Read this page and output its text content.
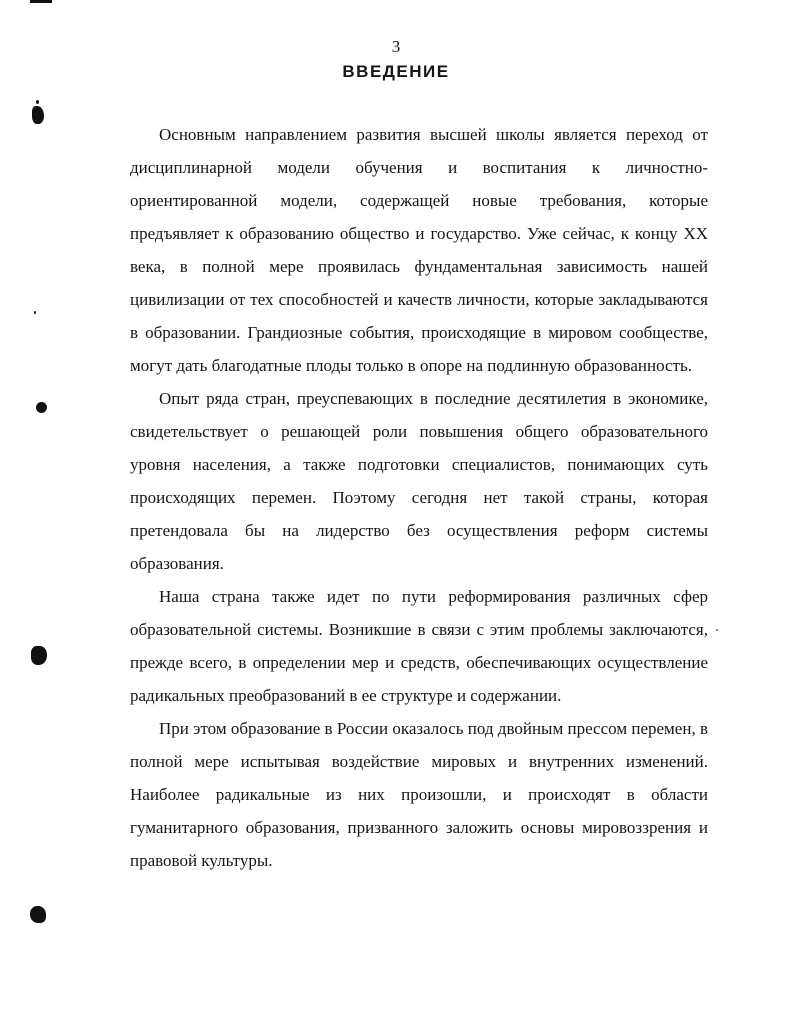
3
ВВЕДЕНИЕ

Основным направлением развития высшей школы является переход от дисциплинарной модели обучения и воспитания к личностно-ориентированной модели, содержащей новые требования, которые предъявляет к образованию общество и государство. Уже сейчас, к концу XX века, в полной мере проявилась фундаментальная зависимость нашей цивилизации от тех способностей и качеств личности, которые закладываются в образовании. Грандиозные события, происходящие в мировом сообществе, могут дать благодатные плоды только в опоре на подлинную образованность.

Опыт ряда стран, преуспевающих в последние десятилетия в экономике, свидетельствует о решающей роли повышения общего образовательного уровня населения, а также подготовки специалистов, понимающих суть происходящих перемен. Поэтому сегодня нет такой страны, которая претендовала бы на лидерство без осуществления реформ системы образования.

Наша страна также идет по пути реформирования различных сфер образовательной системы. Возникшие в связи с этим проблемы заключаются, прежде всего, в определении мер и средств, обеспечивающих осуществление радикальных преобразований в ее структуре и содержании.

При этом образование в России оказалось под двойным прессом перемен, в полной мере испытывая воздействие мировых и внутренних изменений. Наиболее радикальные из них произошли, и происходят в области гуманитарного образования, призванного заложить основы мировоззрения и правовой культуры.
